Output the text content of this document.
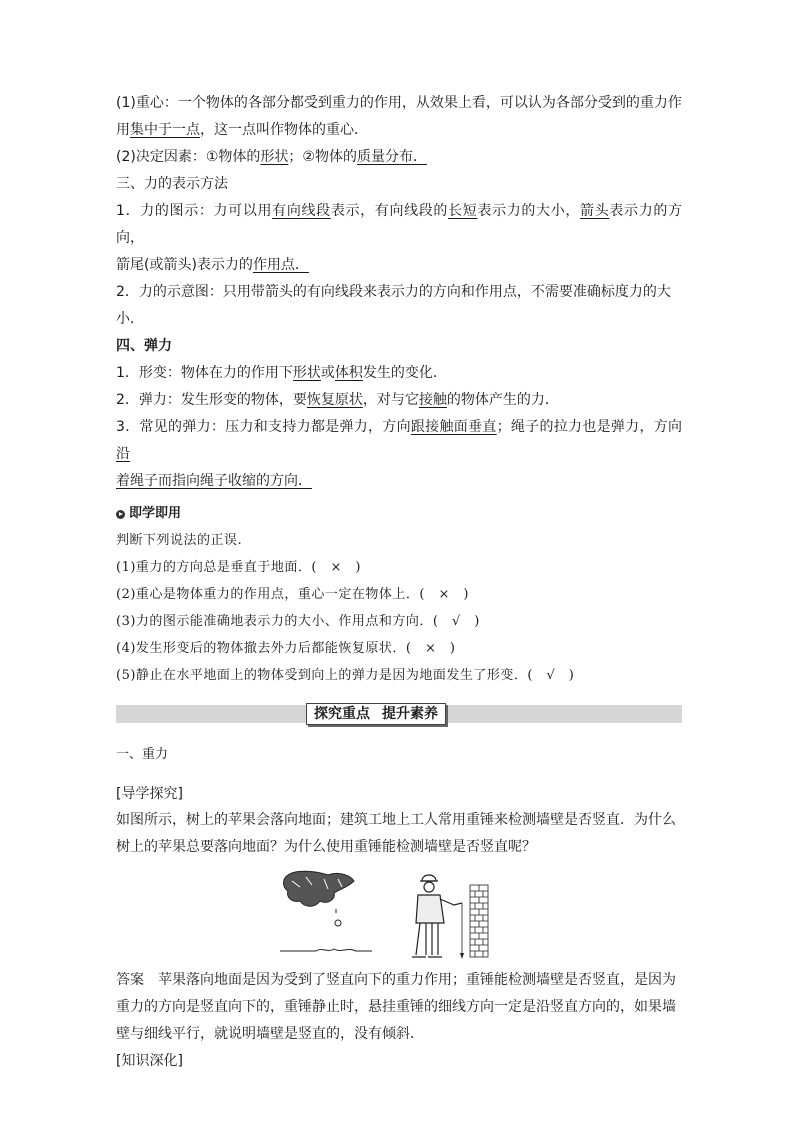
(1)重心：一个物体的各部分都受到重力的作用，从效果上看，可以认为各部分受到的重力作

用集中于一点，这一点叫作物体的重心．

(2)决定因素：①物体的形状；②物体的质量分布．

三、力的表示方法

1．力的图示：力可以用有向线段表示，有向线段的长短表示力的大小，箭头表示力的方向，

箭尾(或箭头)表示力的作用点．

2．力的示意图：只用带箭头的有向线段来表示力的方向和作用点，不需要准确标度力的大

小．

四、弹力

1．形变：物体在力的作用下形状或体积发生的变化．

2．弹力：发生形变的物体，要恢复原状，对与它接触的物体产生的力．

3．常见的弹力：压力和支持力都是弹力，方向跟接触面垂直；绳子的拉力也是弹力，方向沿

着绳子而指向绳子收缩的方向．

即学即用

判断下列说法的正误.

(1)重力的方向总是垂直于地面．(　×　)

(2)重心是物体重力的作用点，重心一定在物体上．(　×　)

(3)力的图示能准确地表示力的大小、作用点和方向．(　√　)

(4)发生形变后的物体撤去外力后都能恢复原状．(　×　)

(5)静止在水平地面上的物体受到向上的弹力是因为地面发生了形变．(　√　)

探究重点 提升素养

一、重力

[导学探究]

如图所示，树上的苹果会落向地面；建筑工地上工人常用重锤来检测墙壁是否竖直．为什么

树上的苹果总要落向地面？为什么使用重锤能检测墙壁是否竖直呢？

答案 苹果落向地面是因为受到了竖直向下的重力作用；重锤能检测墙壁是否竖直，是因为

重力的方向是竖直向下的，重锤静止时，悬挂重锤的细线方向一定是沿竖直方向的，如果墙

壁与细线平行，就说明墙壁是竖直的，没有倾斜．

[知识深化]
